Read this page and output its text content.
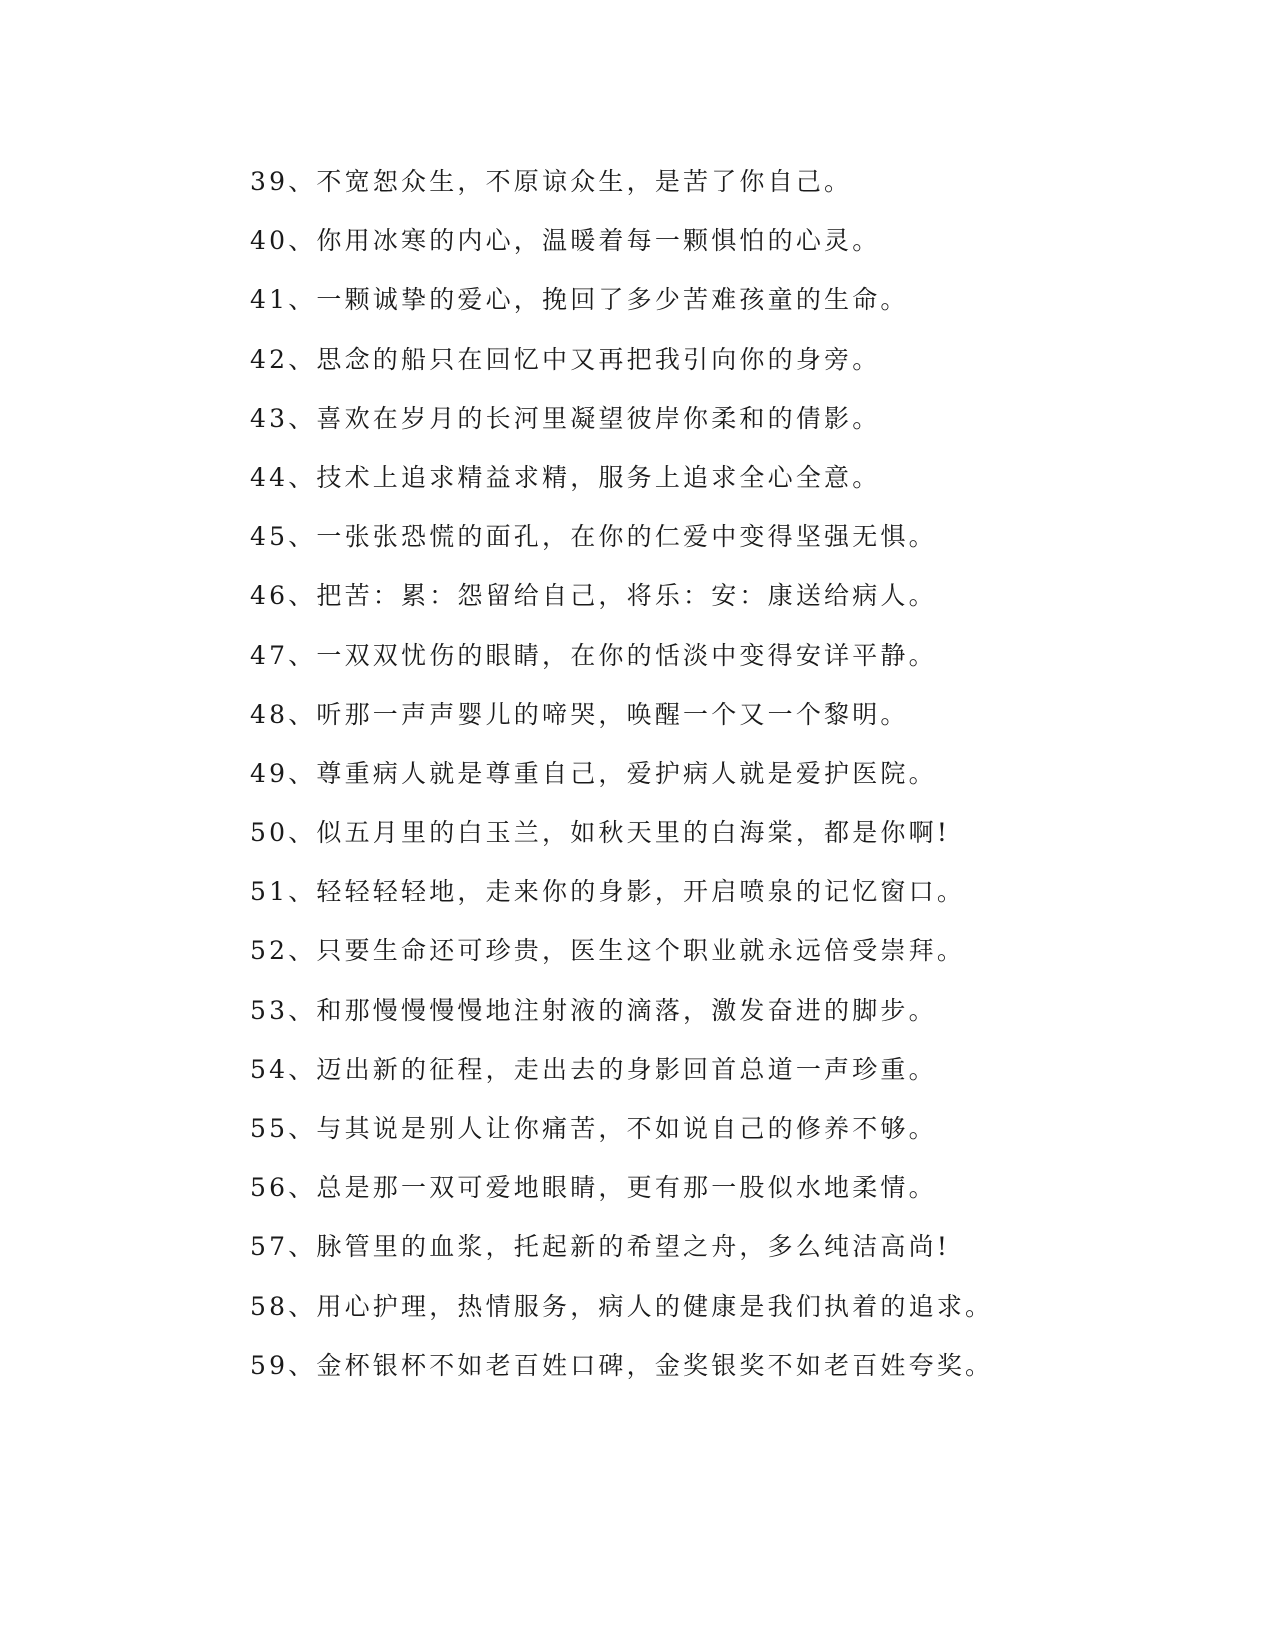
39、不宽恕众生，不原谅众生，是苦了你自己。
40、你用冰寒的内心，温暖着每一颗惧怕的心灵。
41、一颗诚挚的爱心，挽回了多少苦难孩童的生命。
42、思念的船只在回忆中又再把我引向你的身旁。
43、喜欢在岁月的长河里凝望彼岸你柔和的倩影。
44、技术上追求精益求精，服务上追求全心全意。
45、一张张恐慌的面孔，在你的仁爱中变得坚强无惧。
46、把苦：累：怨留给自己，将乐：安：康送给病人。
47、一双双忧伤的眼睛，在你的恬淡中变得安详平静。
48、听那一声声婴儿的啼哭，唤醒一个又一个黎明。
49、尊重病人就是尊重自己，爱护病人就是爱护医院。
50、似五月里的白玉兰，如秋天里的白海棠，都是你啊!
51、轻轻轻轻地，走来你的身影，开启喷泉的记忆窗口。
52、只要生命还可珍贵，医生这个职业就永远倍受崇拜。
53、和那慢慢慢慢地注射液的滴落，激发奋进的脚步。
54、迈出新的征程，走出去的身影回首总道一声珍重。
55、与其说是别人让你痛苦，不如说自己的修养不够。
56、总是那一双可爱地眼睛，更有那一股似水地柔情。
57、脉管里的血浆，托起新的希望之舟，多么纯洁高尚!
58、用心护理，热情服务，病人的健康是我们执着的追求。
59、金杯银杯不如老百姓口碑，金奖银奖不如老百姓夸奖。
